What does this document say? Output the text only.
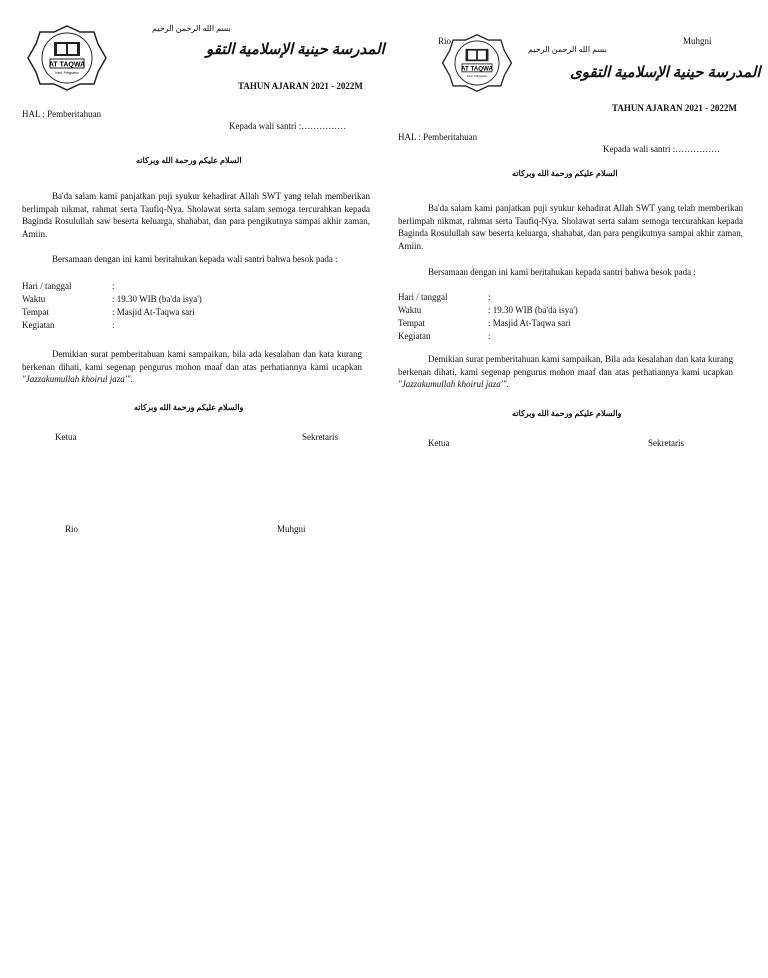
AT TAQWA
Kerti, Pringsewu
بسم الله الرحمن الرحيم
المدرسة حينية الإسلامية التقو
TAHUN AJARAN 2021 - 2022M
HAL : Pemberitahuan
Kepada wali santri :……………
السلام عليكم ورحمة الله وبركاته
Ba'da salam kami panjatkan puji syukur kehadirat Allah SWT yang telah memberikan berlimpah nikmat, rahmat serta Taufiq-Nya. Sholawat serta salam semoga tercurahkan kepada Baginda Rosulullah saw beserta keluarga, shahabat, dan para pengikutnya sampai akhir zaman, Amiin.
Bersamaan dengan ini kami beritahukan kepada wali santri bahwa besok pada :
Hari / tanggal	:
Waktu	: 19.30 WIB (ba'da isya')
Tempat	: Masjid At-Taqwa sari
Kegiatan	:
Demikian surat pemberitahuan kami sampaikan, bila ada kesalahan dan kata kurang berkenan dihati, kami segenap pengurus mohon maaf dan atas perhatiannya kami ucapkan "Jazzakumullah khoirul jaza'".
والسلام عليكم ورحمة الله وبركاته
Ketua	Sekretaris
Rio	Muhgni
Rio	Muhgni
AT TAQWA
Kerti, Pringsewu
بسم الله الرحمن الرحيم
المدرسة حينية الإسلامية التقوى
TAHUN AJARAN 2021 - 2022M
HAL : Pemberitahuan
Kepada wali santri :……………
السلام عليكم ورحمة الله وبركاته
Ba'da salam kami panjatkan puji syukur kehadirat Allah SWT yang telah memberikan berlimpah nikmat, rahmat serta Taufiq-Nya. Sholawat serta salam semoga tercurahkan kepada Baginda Rosulullah saw beserta keluarga, shahabat, dan para pengikutnya sampai akhir zaman, Amiin.
Bersamaan dengan ini kami beritahukan kepada santri bahwa besok pada :
Hari / tanggal	:
Waktu	: 19.30 WIB (ba'da isya')
Tempat	: Masjid At-Taqwa sari
Kegiatan	:
Demikian surat pemberitahuan kami sampaikan, Bila ada kesalahan dan kata kurang berkenan dihati, kami segenap pengurus mohon maaf dan atas perhatiannya kami ucapkan "Jazzakumullah khoirul jaza'".
والسلام عليكم ورحمة الله وبركاته
Ketua	Sekretaris
